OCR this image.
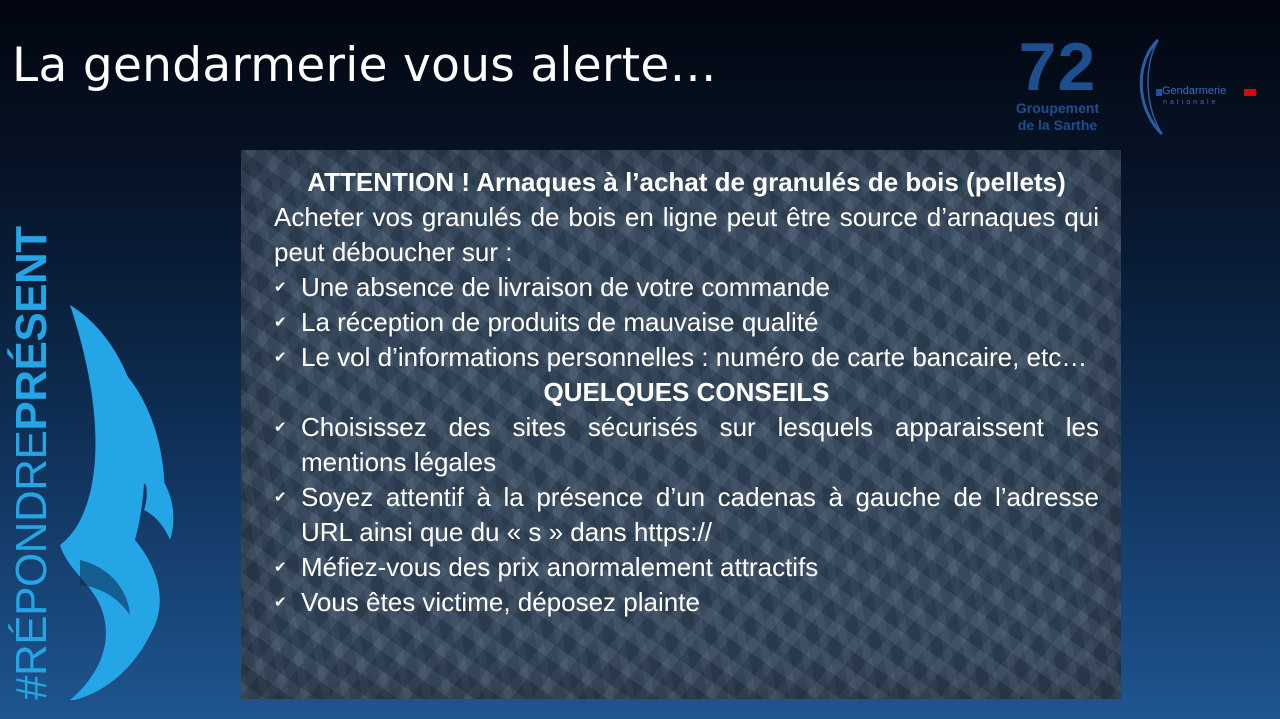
La gendarmerie vous alerte…	72
Groupement
de la Sarthe
Gendarmerie
nationale
#RÉPONDREPRÉSENT
ATTENTION ! Arnaques à l’achat de granulés de bois (pellets)
Acheter vos granulés de bois en ligne peut être source d’arnaques qui peut déboucher sur :
✔ Une absence de livraison de votre commande
✔ La réception de produits de mauvaise qualité
✔ Le vol d’informations personnelles : numéro de carte bancaire, etc…
QUELQUES CONSEILS
✔ Choisissez des sites sécurisés sur lesquels apparaissent les mentions légales
✔ Soyez attentif à la présence d’un cadenas à gauche de l’adresse URL ainsi que du « s » dans https://
✔ Méfiez-vous des prix anormalement attractifs
✔ Vous êtes victime, déposez plainte
